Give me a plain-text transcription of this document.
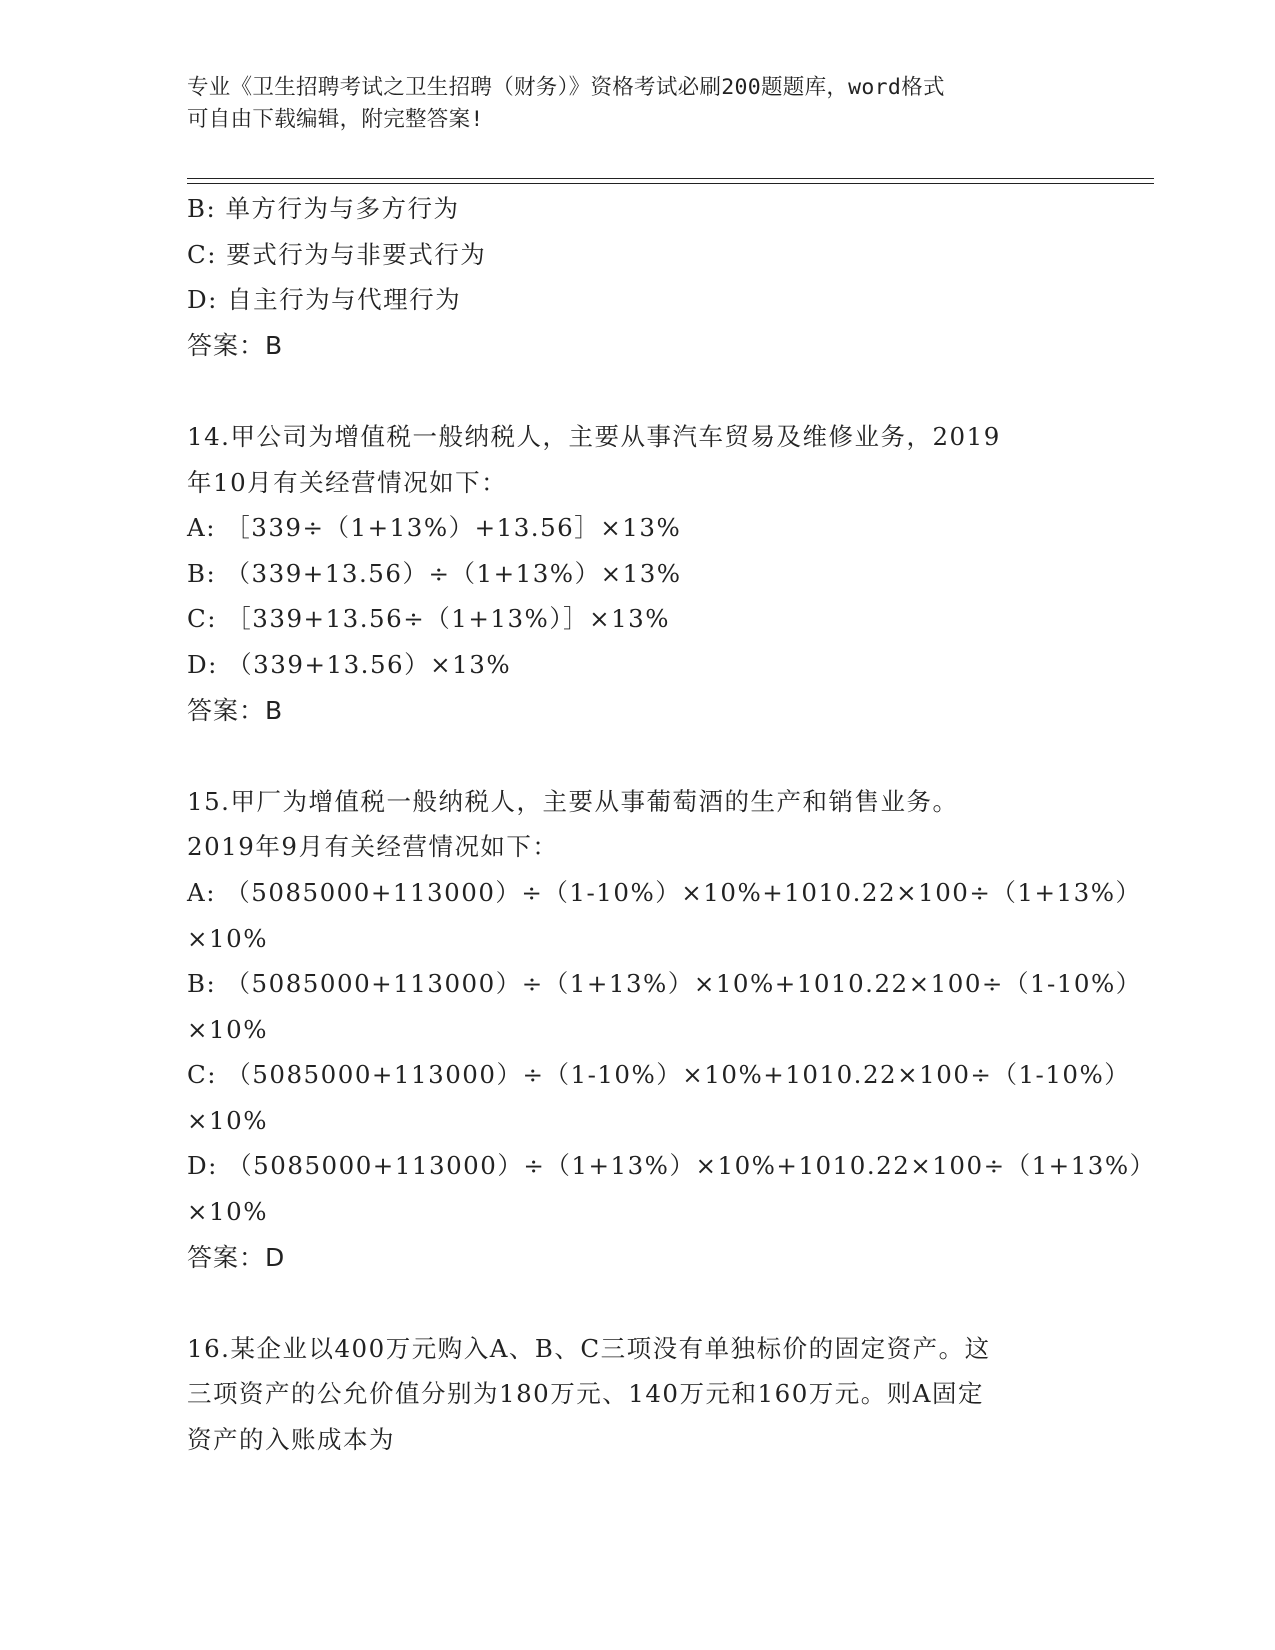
专业《卫生招聘考试之卫生招聘（财务）》资格考试必刷200题题库，word格式
可自由下载编辑，附完整答案!
B: 单方行为与多方行为
C: 要式行为与非要式行为
D: 自主行为与代理行为
答案：B
14.甲公司为增值税一般纳税人，主要从事汽车贸易及维修业务，2019
年10月有关经营情况如下：
A: ［339÷（1+13%）+13.56］×13%
B: （339+13.56）÷（1+13%）×13%
C: ［339+13.56÷（1+13%）］×13%
D: （339+13.56）×13%
答案：B
15.甲厂为增值税一般纳税人，主要从事葡萄酒的生产和销售业务。
2019年9月有关经营情况如下：
A: （5085000+113000）÷（1-10%）×10%+1010.22×100÷（1+13%）
×10%
B: （5085000+113000）÷（1+13%）×10%+1010.22×100÷（1-10%）
×10%
C: （5085000+113000）÷（1-10%）×10%+1010.22×100÷（1-10%）
×10%
D: （5085000+113000）÷（1+13%）×10%+1010.22×100÷（1+13%）
×10%
答案：D
16.某企业以400万元购入A、B、C三项没有单独标价的固定资产。这
三项资产的公允价值分别为180万元、140万元和160万元。则A固定
资产的入账成本为
